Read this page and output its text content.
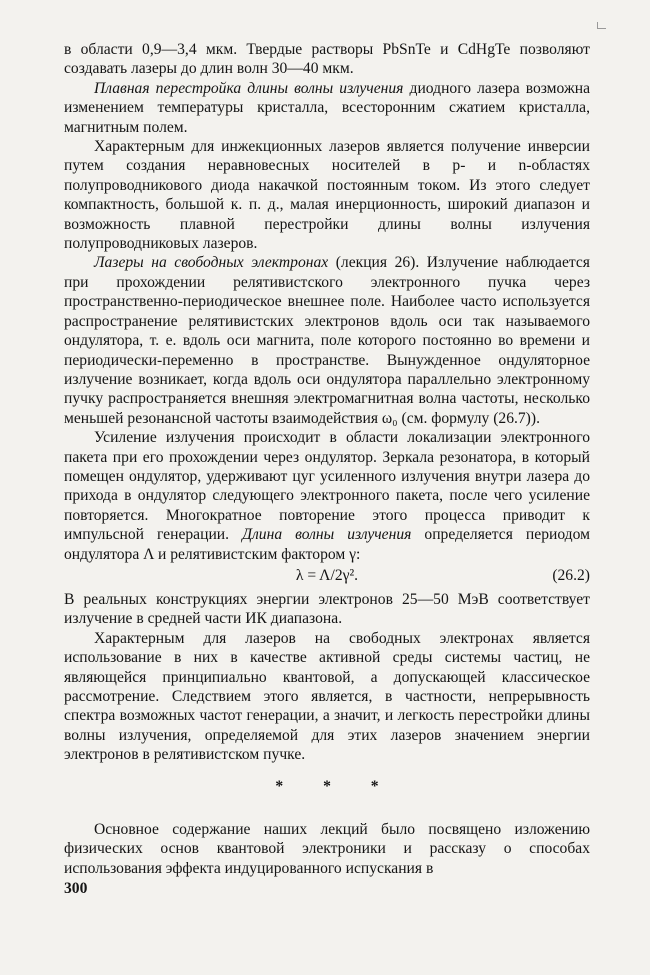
в области 0,9—3,4 мкм. Твердые растворы PbSnTe и CdHgTe позволяют создавать лазеры до длин волн 30—40 мкм.

Плавная перестройка длины волны излучения диодного лазера возможна изменением температуры кристалла, всесторонним сжатием кристалла, магнитным полем.

Характерным для инжекционных лазеров является получение инверсии путем создания неравновесных носителей в p- и n-областях полупроводникового диода накачкой постоянным током. Из этого следует компактность, большой к. п. д., малая инерционность, широкий диапазон и возможность плавной перестройки длины волны излучения полупроводниковых лазеров.

Лазеры на свободных электронах (лекция 26). Излучение наблюдается при прохождении релятивистского электронного пучка через пространственно-периодическое внешнее поле. Наиболее часто используется распространение релятивистских электронов вдоль оси так называемого ондулятора, т. е. вдоль оси магнита, поле которого постоянно во времени и периодически-переменно в пространстве. Вынужденное ондуляторное излучение возникает, когда вдоль оси ондулятора параллельно электронному пучку распространяется внешняя электромагнитная волна частоты, несколько меньшей резонансной частоты взаимодействия ω₀ (см. формулу (26.7)).

Усиление излучения происходит в области локализации электронного пакета при его прохождении через ондулятор. Зеркала резонатора, в который помещен ондулятор, удерживают цуг усиленного излучения внутри лазера до прихода в ондулятор следующего электронного пакета, после чего усиление повторяется. Многократное повторение этого процесса приводит к импульсной генерации. Длина волны излучения определяется периодом ондулятора Λ и релятивистским фактором γ:

λ = Λ/2γ².	(26.2)

В реальных конструкциях энергии электронов 25—50 МэВ соответствует излучение в средней части ИК диапазона.

Характерным для лазеров на свободных электронах является использование в них в качестве активной среды системы частиц, не являющейся принципиально квантовой, а допускающей классическое рассмотрение. Следствием этого является, в частности, непрерывность спектра возможных частот генерации, а значит, и легкость перестройки длины волны излучения, определяемой для этих лазеров значением энергии электронов в релятивистском пучке.

* * *

Основное содержание наших лекций было посвящено изложению физических основ квантовой электроники и рассказу о способах использования эффекта индуцированного испускания в

300
